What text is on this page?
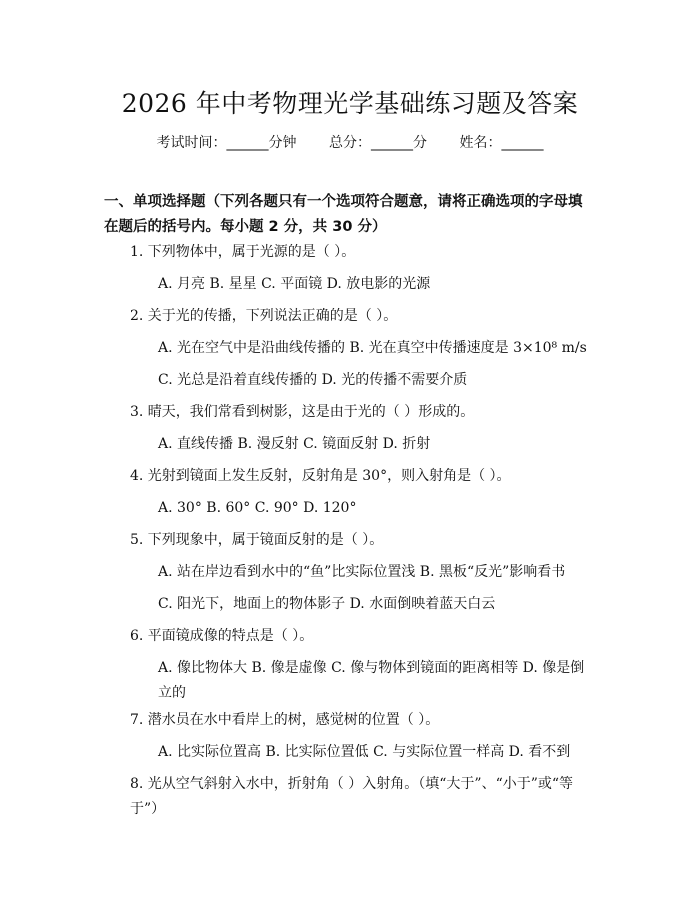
2026 年中考物理光学基础练习题及答案
考试时间：______分钟 总分：______分 姓名：______
一、单项选择题（下列各题只有一个选项符合题意，请将正确选项的字母填在题后的括号内。每小题 2 分，共 30 分）
1. 下列物体中，属于光源的是（ ）。
A. 月亮 B. 星星 C. 平面镜 D. 放电影的光源
2. 关于光的传播，下列说法正确的是（ ）。
A. 光在空气中是沿曲线传播的 B. 光在真空中传播速度是 3×10⁸ m/s
C. 光总是沿着直线传播的 D. 光的传播不需要介质
3. 晴天，我们常看到树影，这是由于光的（ ）形成的。
A. 直线传播 B. 漫反射 C. 镜面反射 D. 折射
4. 光射到镜面上发生反射，反射角是 30°，则入射角是（ ）。
A. 30° B. 60° C. 90° D. 120°
5. 下列现象中，属于镜面反射的是（ ）。
A. 站在岸边看到水中的“鱼”比实际位置浅 B. 黑板“反光”影响看书
C. 阳光下，地面上的物体影子 D. 水面倒映着蓝天白云
6. 平面镜成像的特点是（ ）。
A. 像比物体大 B. 像是虚像 C. 像与物体到镜面的距离相等 D. 像是倒立的
7. 潜水员在水中看岸上的树，感觉树的位置（ ）。
A. 比实际位置高 B. 比实际位置低 C. 与实际位置一样高 D. 看不到
8. 光从空气斜射入水中，折射角（ ）入射角。（填“大于”、“小于”或“等于”）
